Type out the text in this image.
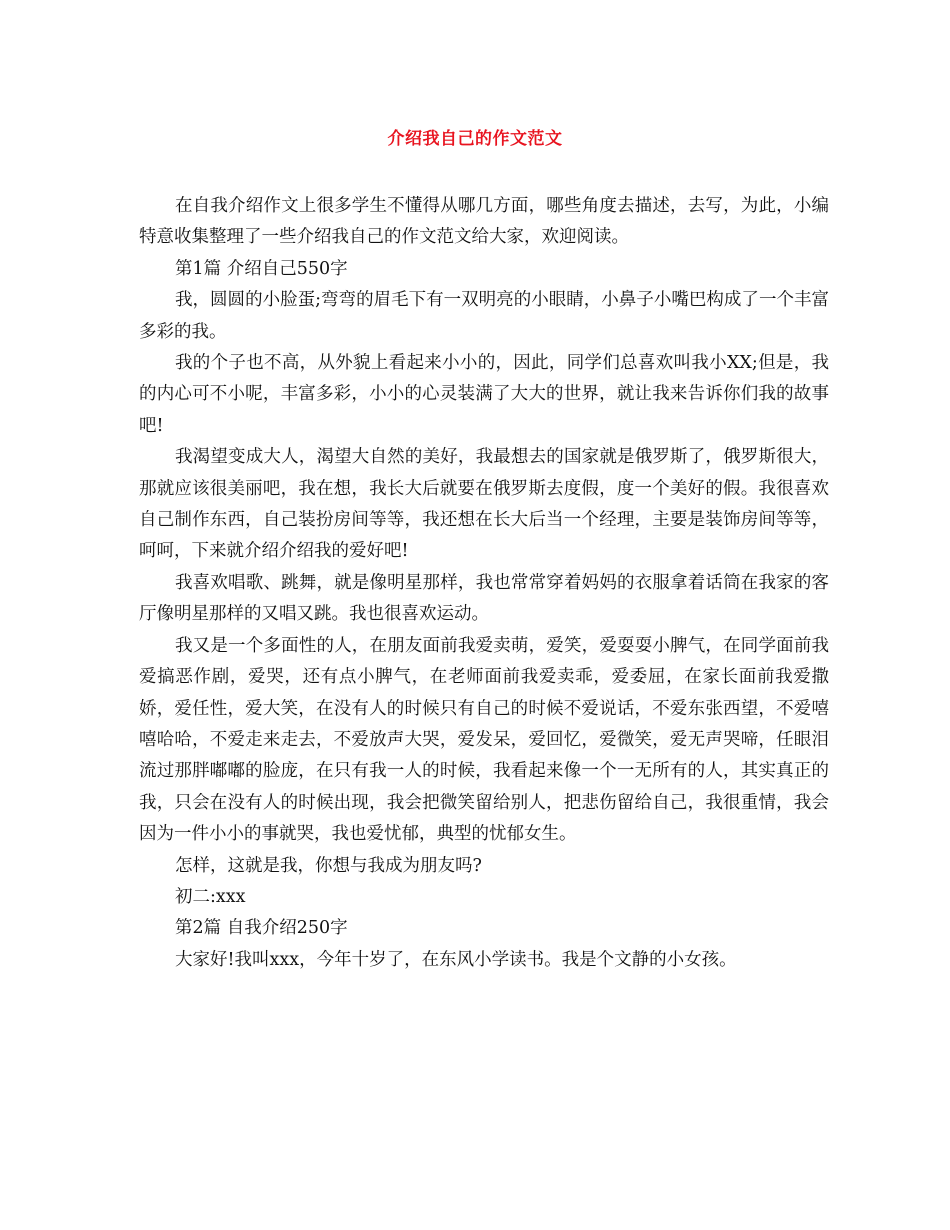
介绍我自己的作文范文

在自我介绍作文上很多学生不懂得从哪几方面，哪些角度去描述，去写，为此，小编特意收集整理了一些介绍我自己的作文范文给大家，欢迎阅读。

第1篇 介绍自己550字

我，圆圆的小脸蛋;弯弯的眉毛下有一双明亮的小眼睛，小鼻子小嘴巴构成了一个丰富多彩的我。

我的个子也不高，从外貌上看起来小小的，因此，同学们总喜欢叫我小XX;但是，我的内心可不小呢，丰富多彩，小小的心灵装满了大大的世界，就让我来告诉你们我的故事吧!

我渴望变成大人，渴望大自然的美好，我最想去的国家就是俄罗斯了，俄罗斯很大，那就应该很美丽吧，我在想，我长大后就要在俄罗斯去度假，度一个美好的假。我很喜欢自己制作东西，自己装扮房间等等，我还想在长大后当一个经理，主要是装饰房间等等，呵呵，下来就介绍介绍我的爱好吧!

我喜欢唱歌、跳舞，就是像明星那样，我也常常穿着妈妈的衣服拿着话筒在我家的客厅像明星那样的又唱又跳。我也很喜欢运动。

我又是一个多面性的人，在朋友面前我爱卖萌，爱笑，爱耍耍小脾气，在同学面前我爱搞恶作剧，爱哭，还有点小脾气，在老师面前我爱卖乖，爱委屈，在家长面前我爱撒娇，爱任性，爱大笑，在没有人的时候只有自己的时候不爱说话，不爱东张西望，不爱嘻嘻哈哈，不爱走来走去，不爱放声大哭，爱发呆，爱回忆，爱微笑，爱无声哭啼，任眼泪流过那胖嘟嘟的脸庞，在只有我一人的时候，我看起来像一个一无所有的人，其实真正的我，只会在没有人的时候出现，我会把微笑留给别人，把悲伤留给自己，我很重情，我会因为一件小小的事就哭，我也爱忧郁，典型的忧郁女生。

怎样，这就是我，你想与我成为朋友吗?

初二:xxx

第2篇 自我介绍250字

大家好!我叫xxx，今年十岁了，在东风小学读书。我是个文静的小女孩。
